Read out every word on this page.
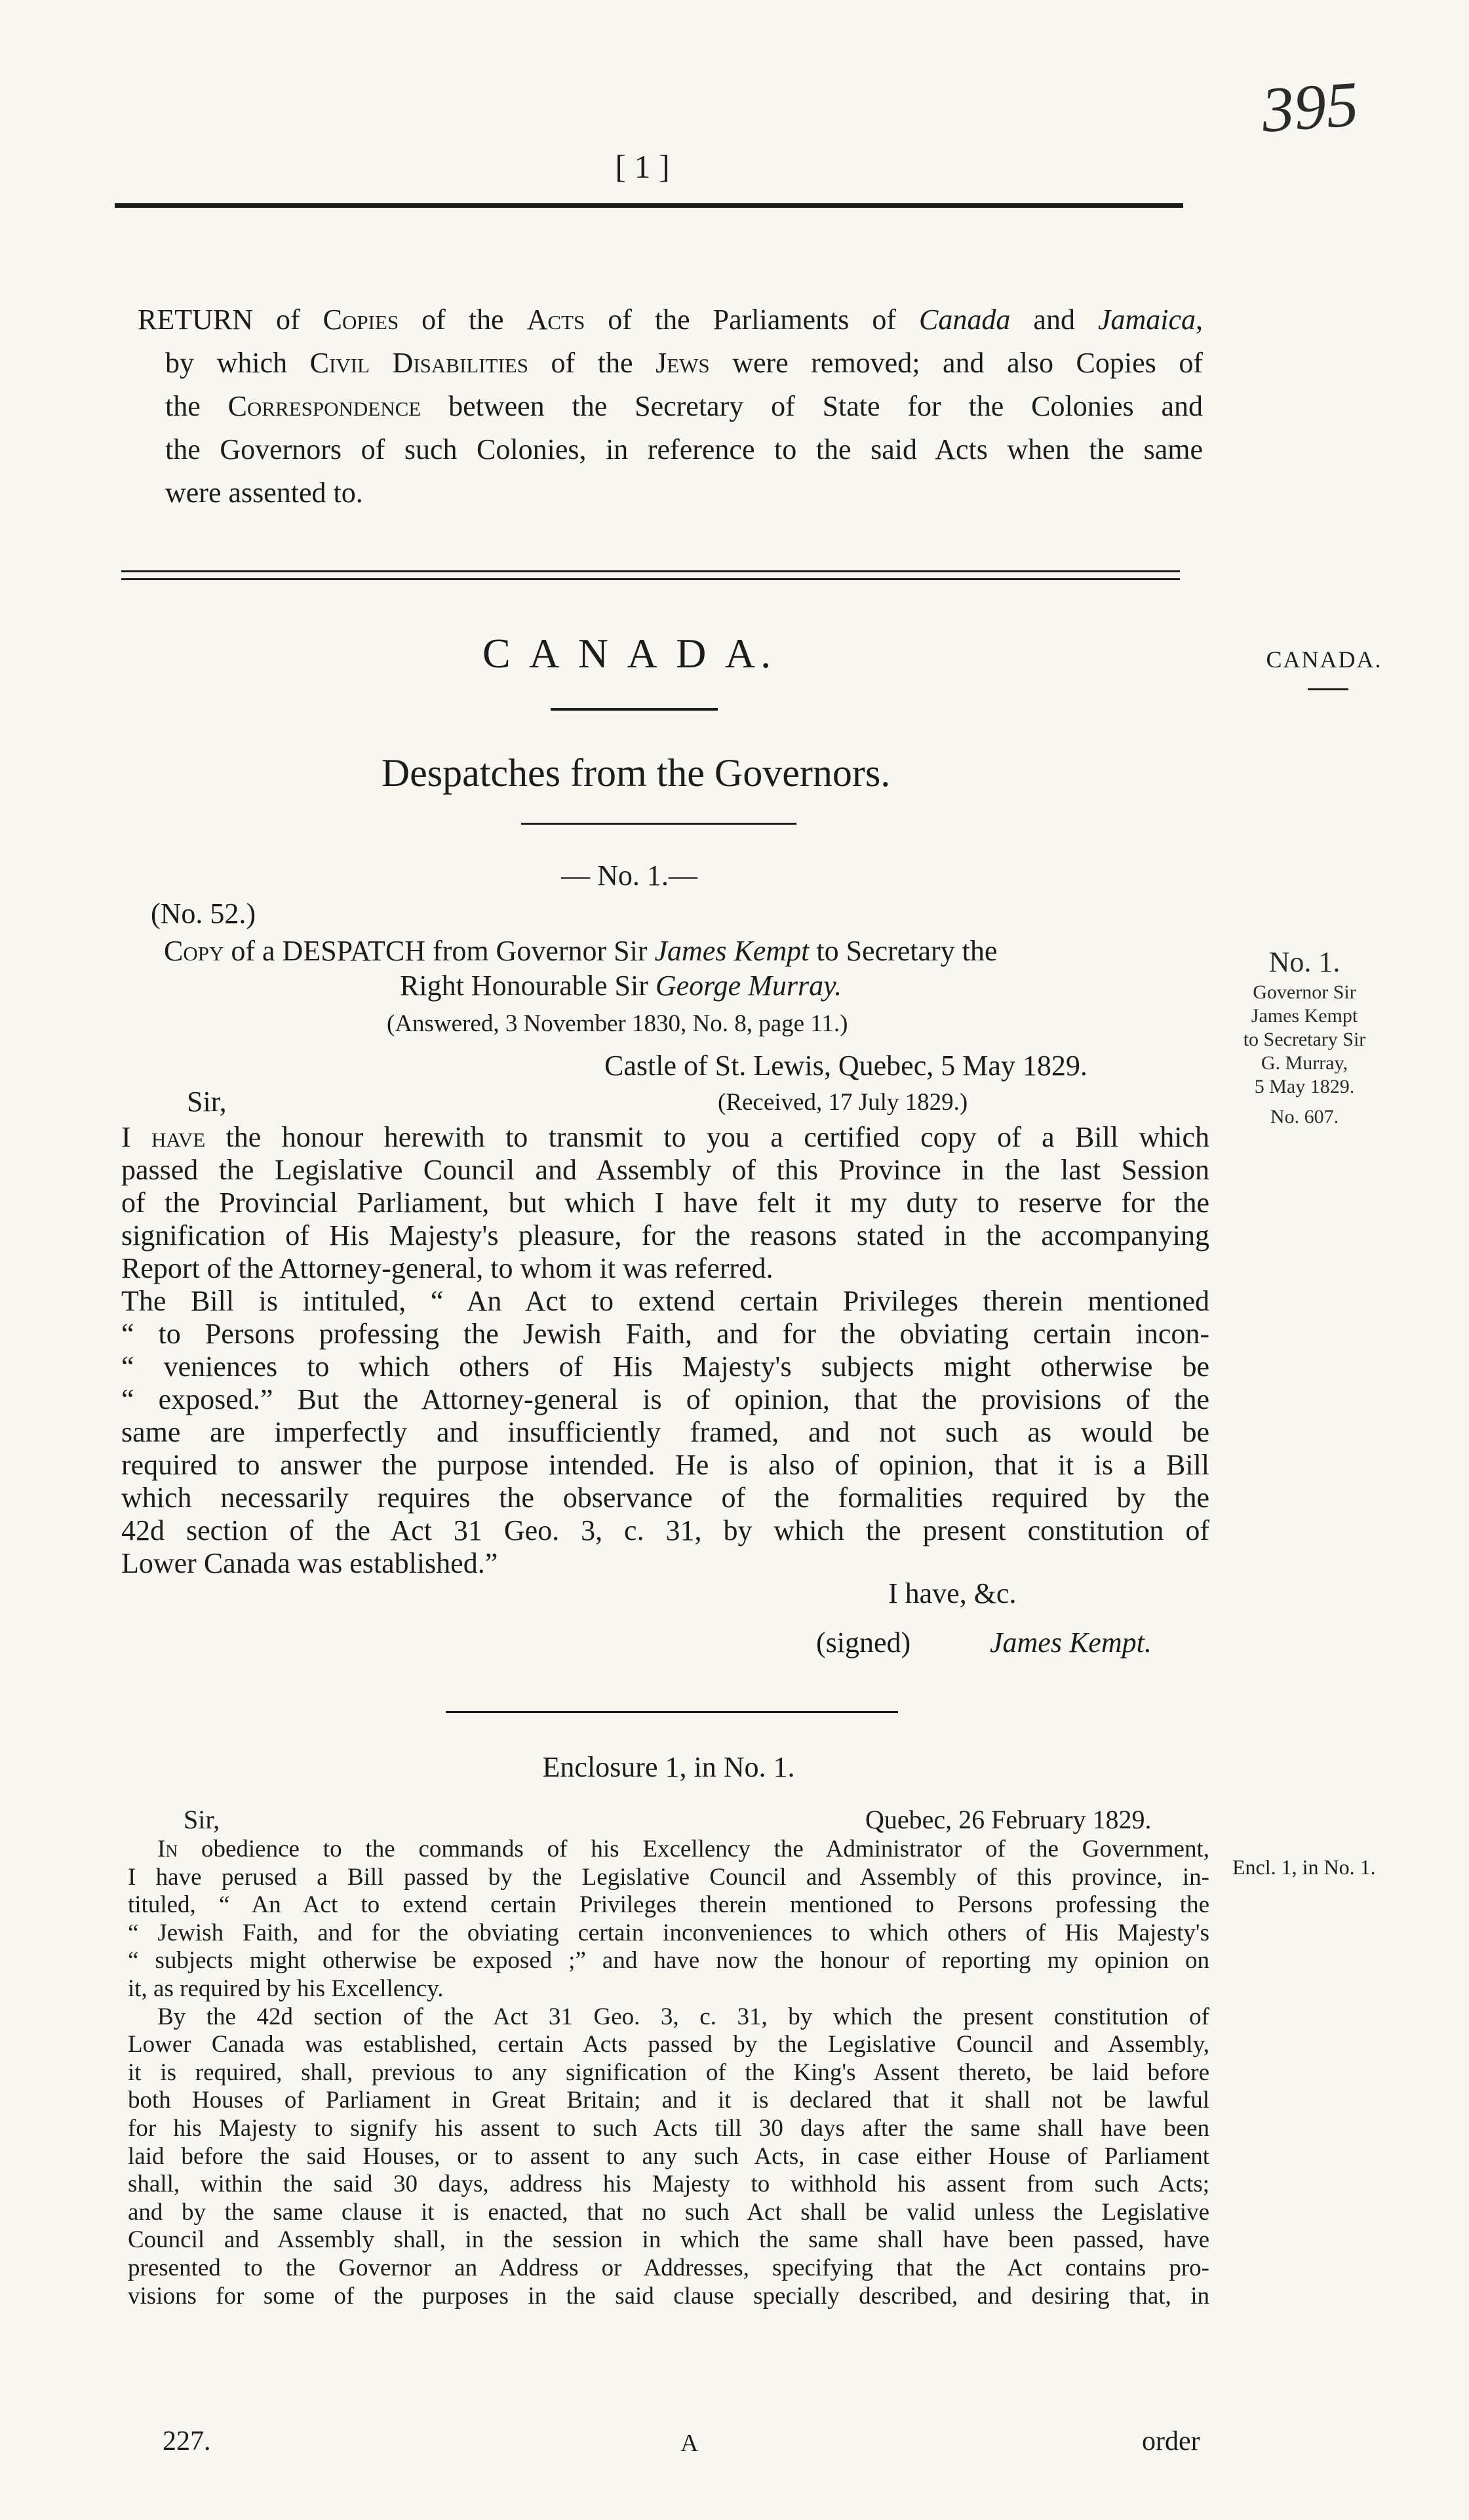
[ 1 ]
395
RETURN of Copies of the Acts of the Parliaments of Canada and Jamaica,
by which Civil Disabilities of the Jews were removed; and also Copies of
the Correspondence between the Secretary of State for the Colonies and
the Governors of such Colonies, in reference to the said Acts when the same
were assented to.
C A N A D A.	CANADA.
Despatches from the Governors.
— No. 1.—
(No. 52.)
Copy of a DESPATCH from Governor Sir James Kempt to Secretary the
Right Honourable Sir George Murray.
(Answered, 3 November 1830, No. 8, page 11.)
Castle of St. Lewis, Quebec, 5 May 1829.
Sir,	(Received, 17 July 1829.)
I have the honour herewith to transmit to you a certified copy of a Bill which
passed the Legislative Council and Assembly of this Province in the last Session
of the Provincial Parliament, but which I have felt it my duty to reserve for the
signification of His Majesty's pleasure, for the reasons stated in the accompanying
Report of the Attorney-general, to whom it was referred.
The Bill is intituled, “ An Act to extend certain Privileges therein mentioned
“ to Persons professing the Jewish Faith, and for the obviating certain incon-
“ veniences to which others of His Majesty's subjects might otherwise be
“ exposed.” But the Attorney-general is of opinion, that the provisions of the
same are imperfectly and insufficiently framed, and not such as would be
required to answer the purpose intended. He is also of opinion, that it is a Bill
which necessarily requires the observance of the formalities required by the
42d section of the Act 31 Geo. 3, c. 31, by which the present constitution of
Lower Canada was established.”
I have, &c.
(signed)	James Kempt.
No. 1.
Governor Sir
James Kempt
to Secretary Sir
G. Murray,
5 May 1829.
No. 607.
Enclosure 1, in No. 1.
Sir,	Quebec, 26 February 1829.
Encl. 1, in No. 1.
In obedience to the commands of his Excellency the Administrator of the Government,
I have perused a Bill passed by the Legislative Council and Assembly of this province, in-
tituled, “ An Act to extend certain Privileges therein mentioned to Persons professing the
“ Jewish Faith, and for the obviating certain inconveniences to which others of His Majesty's
“ subjects might otherwise be exposed ;” and have now the honour of reporting my opinion on
it, as required by his Excellency.
By the 42d section of the Act 31 Geo. 3, c. 31, by which the present constitution of
Lower Canada was established, certain Acts passed by the Legislative Council and Assembly,
it is required, shall, previous to any signification of the King's Assent thereto, be laid before
both Houses of Parliament in Great Britain; and it is declared that it shall not be lawful
for his Majesty to signify his assent to such Acts till 30 days after the same shall have been
laid before the said Houses, or to assent to any such Acts, in case either House of Parliament
shall, within the said 30 days, address his Majesty to withhold his assent from such Acts;
and by the same clause it is enacted, that no such Act shall be valid unless the Legislative
Council and Assembly shall, in the session in which the same shall have been passed, have
presented to the Governor an Address or Addresses, specifying that the Act contains pro-
visions for some of the purposes in the said clause specially described, and desiring that, in
227.	A	order
